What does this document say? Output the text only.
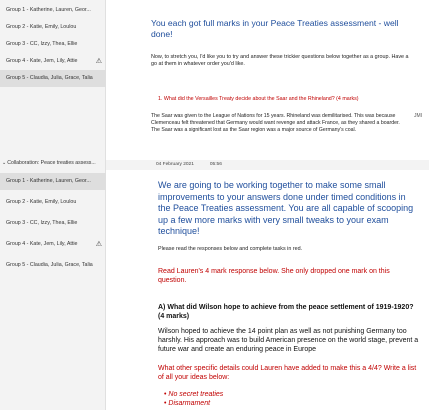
Group 1 - Katherine, Lauren, Geor...
Group 2 - Katie, Emily, Loulou
Group 3 - CC, Izzy, Thea, Ellie
Group 4 - Kate, Jem, Lily, Attie	⚠
Group 5 - Claudia, Julia, Grace, Talia
⌄Collaboration: Peace treaties assess...
Group 1 - Katherine, Lauren, Geor...
Group 2 - Katie, Emily, Loulou
Group 3 - CC, Izzy, Thea, Ellie
Group 4 - Kate, Jem, Lily, Attie	⚠
Group 5 - Claudia, Julia, Grace, Talia
You each got full marks in your Peace Treaties assessment - well done!
Now, to stretch you, I'd like you to try and answer these trickier questions below together as a group. Have a go at them in whatever order you'd like.
1. What did the Versailles Treaty decide about the Saar and the Rhineland? (4 marks)
The Saar was given to the League of Nations for 15 years. Rhineland was demilitarised. This was because Clemenceau felt threatened that Germany would want revenge and attack France, as they shared a boarder. The Saar was a significant lost as the Saar region was a major source of Germany's coal.
JMI
04 February 2021	05:56
We are going to be working together to make some small improvements to your answers done under timed conditions in the Peace Treaties assessment. You are all capable of scooping up a few more marks with very small tweaks to your exam technique!
Please read the responses below and complete tasks in red.
Read Lauren's 4 mark response below. She only dropped one mark on this question.
A) What did Wilson hope to achieve from the peace settlement of 1919-1920? (4 marks)
Wilson hoped to achieve the 14 point plan as well as not punishing Germany too harshly. His approach was to build American presence on the world stage, prevent a future war and create an enduring peace in Europe
What other specific details could Lauren have added to make this a 4/4? Write a list of all your ideas below:
• No secret treaties
• Disarmament
